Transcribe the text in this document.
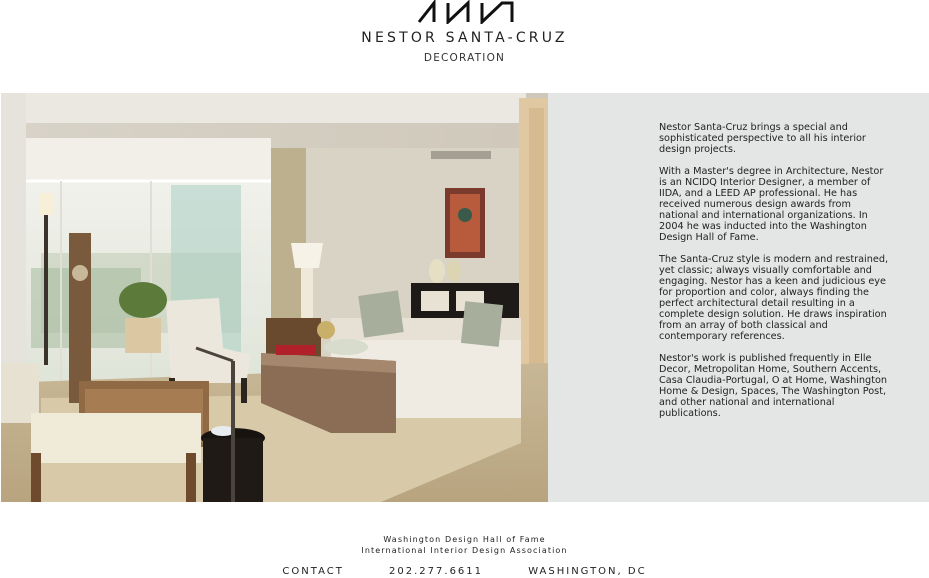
NESTOR SANTA-CRUZ
DECORATION

Nestor Santa-Cruz brings a special and sophisticated perspective to all his interior design projects.

With a Master's degree in Architecture, Nestor is an NCIDQ Interior Designer, a member of IIDA, and a LEED AP professional. He has received numerous design awards from national and international organizations. In 2004 he was inducted into the Washington Design Hall of Fame.

The Santa-Cruz style is modern and restrained, yet classic; always visually comfortable and engaging. Nestor has a keen and judicious eye for proportion and color, always finding the perfect architectural detail resulting in a complete design solution. He draws inspiration from an array of both classical and contemporary references.

Nestor's work is published frequently in Elle Decor, Metropolitan Home, Southern Accents, Casa Claudia-Portugal, O at Home, Washington Home & Design, Spaces, The Washington Post, and other national and international publications.

Washington Design Hall of Fame
International Interior Design Association
CONTACT	202.277.6611	WASHINGTON, DC
